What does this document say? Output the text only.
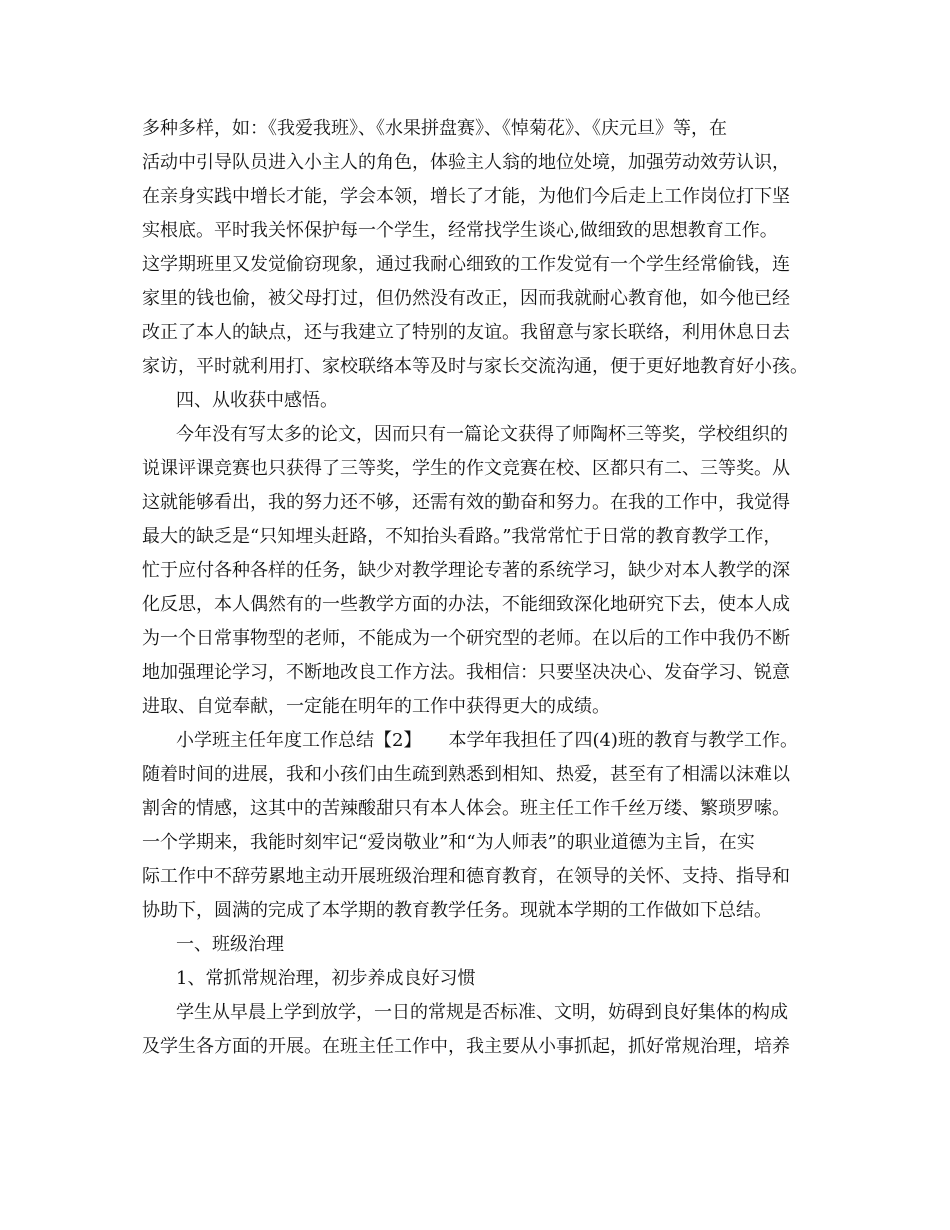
多种多样，如：《我爱我班》、《水果拼盘赛》、《悼菊花》、《庆元旦》等，在
活动中引导队员进入小主人的角色，体验主人翁的地位处境，加强劳动效劳认识，
在亲身实践中增长才能，学会本领，增长了才能，为他们今后走上工作岗位打下坚
实根底。平时我关怀保护每一个学生，经常找学生谈心,做细致的思想教育工作。
这学期班里又发觉偷窃现象，通过我耐心细致的工作发觉有一个学生经常偷钱，连
家里的钱也偷，被父母打过，但仍然没有改正，因而我就耐心教育他，如今他已经
改正了本人的缺点，还与我建立了特别的友谊。我留意与家长联络，利用休息日去
家访，平时就利用打、家校联络本等及时与家长交流沟通，便于更好地教育好小孩。
四、从收获中感悟。
今年没有写太多的论文，因而只有一篇论文获得了师陶杯三等奖，学校组织的
说课评课竞赛也只获得了三等奖，学生的作文竞赛在校、区都只有二、三等奖。从
这就能够看出，我的努力还不够，还需有效的勤奋和努力。在我的工作中，我觉得
最大的缺乏是“只知埋头赶路，不知抬头看路。”我常常忙于日常的教育教学工作，
忙于应付各种各样的任务，缺少对教学理论专著的系统学习，缺少对本人教学的深
化反思，本人偶然有的一些教学方面的办法，不能细致深化地研究下去，使本人成
为一个日常事物型的老师，不能成为一个研究型的老师。在以后的工作中我仍不断
地加强理论学习，不断地改良工作方法。我相信：只要坚决决心、发奋学习、锐意
进取、自觉奉献，一定能在明年的工作中获得更大的成绩。
小学班主任年度工作总结【2】　　本学年我担任了四(4)班的教育与教学工作。
随着时间的进展，我和小孩们由生疏到熟悉到相知、热爱，甚至有了相濡以沫难以
割舍的情感，这其中的苦辣酸甜只有本人体会。班主任工作千丝万缕、繁琐罗嗦。
一个学期来，我能时刻牢记“爱岗敬业”和“为人师表”的职业道德为主旨，在实
际工作中不辞劳累地主动开展班级治理和德育教育，在领导的关怀、支持、指导和
协助下，圆满的完成了本学期的教育教学任务。现就本学期的工作做如下总结。
一、班级治理
1、常抓常规治理，初步养成良好习惯
学生从早晨上学到放学，一日的常规是否标准、文明，妨碍到良好集体的构成
及学生各方面的开展。在班主任工作中，我主要从小事抓起，抓好常规治理，培养
